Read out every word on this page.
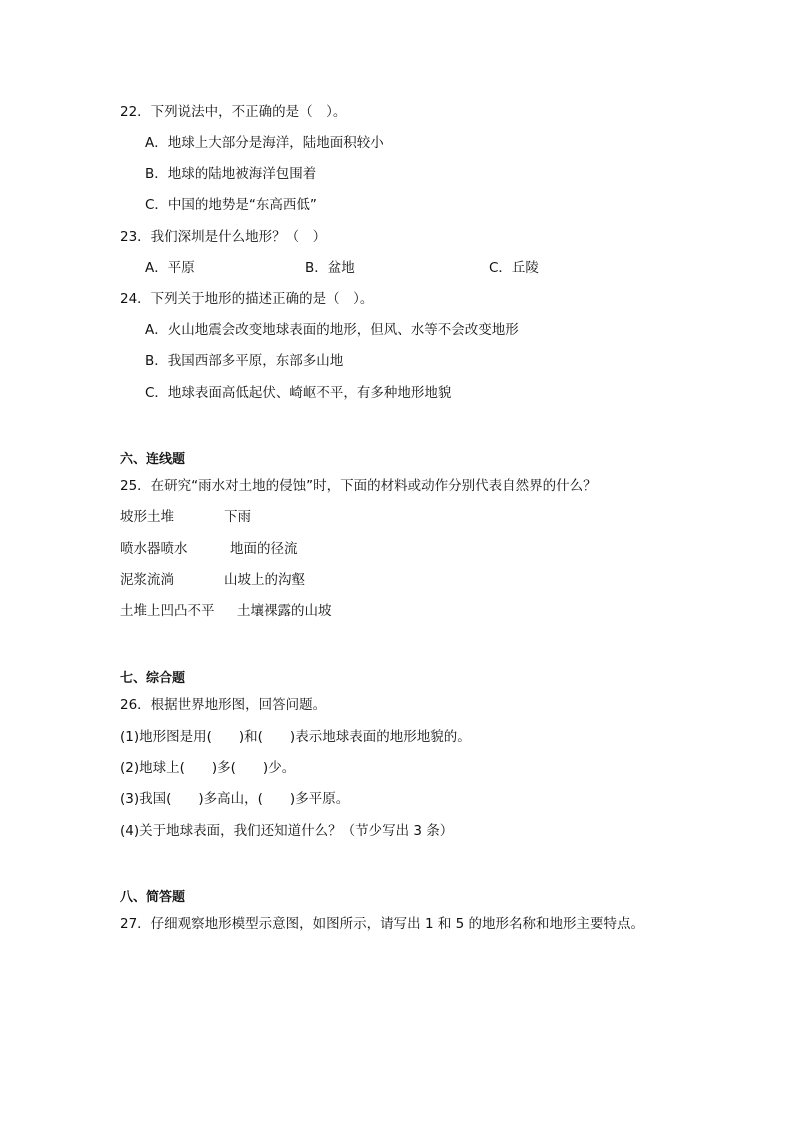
22．下列说法中，不正确的是（　）。
A．地球上大部分是海洋，陆地面积较小
B．地球的陆地被海洋包围着
C．中国的地势是“东高西低”
23．我们深圳是什么地形？（　）
A．平原	B．盆地	C．丘陵
24．下列关于地形的描述正确的是（　）。
A．火山地震会改变地球表面的地形，但风、水等不会改变地形
B．我国西部多平原，东部多山地
C．地球表面高低起伏、崎岖不平，有多种地形地貌
六、连线题
25．在研究“雨水对土地的侵蚀”时，下面的材料或动作分别代表自然界的什么？
坡形土堆	下雨
喷水器喷水	地面的径流
泥浆流淌	山坡上的沟壑
土堆上凹凸不平 土壤裸露的山坡
七、综合题
26．根据世界地形图，回答问题。
(1)地形图是用(　　)和(　　)表示地球表面的地形地貌的。
(2)地球上(　　)多(　　)少。
(3)我国(　　)多高山，(　　)多平原。
(4)关于地球表面，我们还知道什么？（节少写出 3 条）
八、简答题
27．仔细观察地形模型示意图，如图所示，请写出 1 和 5 的地形名称和地形主要特点。
